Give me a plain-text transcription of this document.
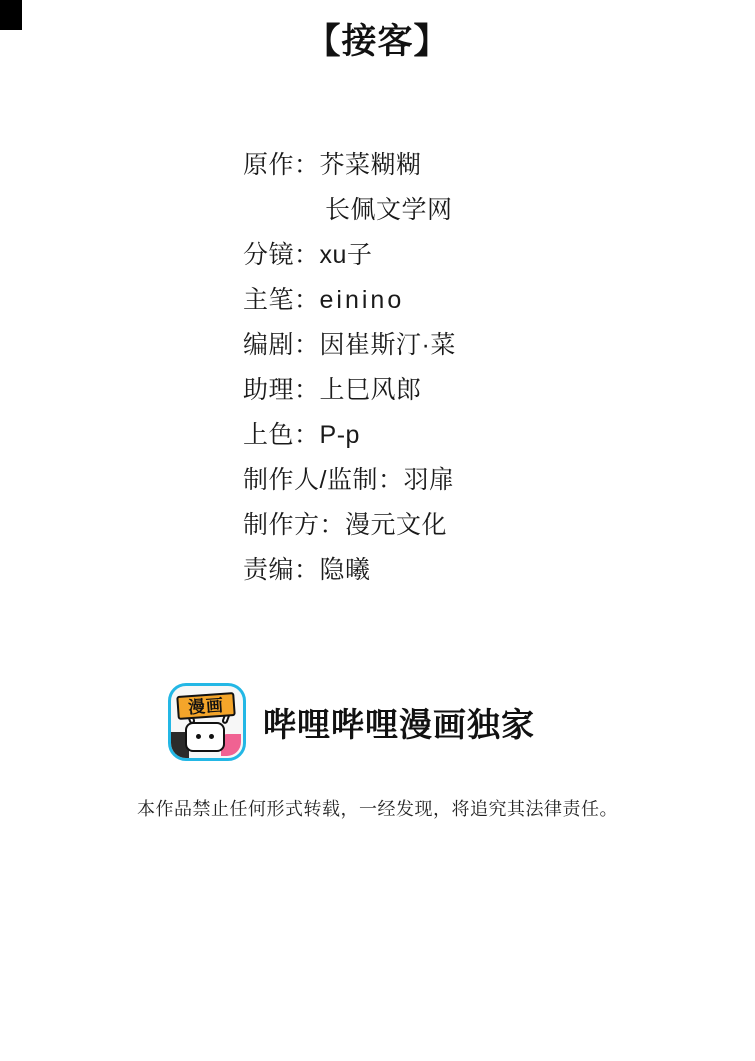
【接客】
原作：芥菜糊糊
长佩文学网
分镜：xu子
主笔：einino
编剧：因崔斯汀·菜
助理：上巳风郎
上色：P-p
制作人/监制：羽扉
制作方：漫元文化
责编：隐曦
漫画	哔哩哔哩漫画独家
本作品禁止任何形式转载，一经发现，将追究其法律责任。
